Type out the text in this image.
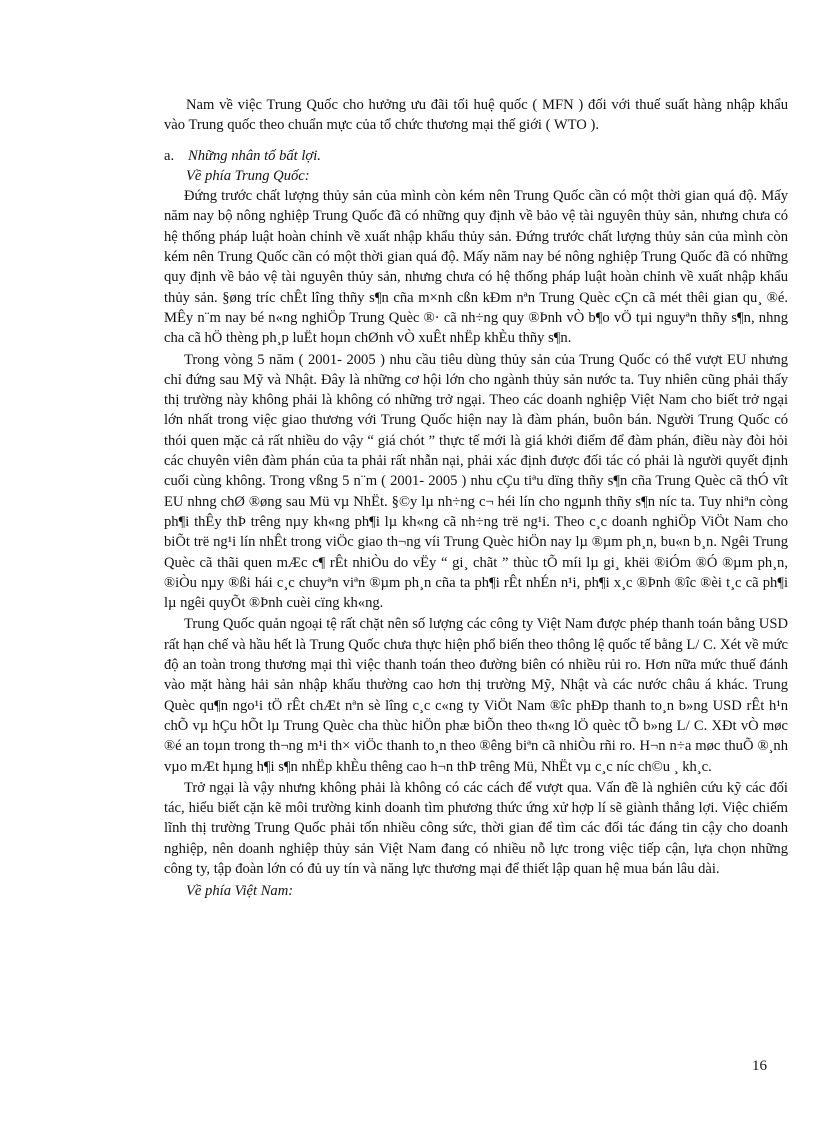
Nam về việc Trung Quốc cho hưởng ưu đãi tối huệ quốc ( MFN ) đối với thuế suất hàng nhập khẩu vào Trung quốc theo chuẩn mực của tổ chức thương mại thế giới ( WTO ).

a. Những nhân tố bất lợi.

Về phía Trung Quốc:

Đứng trước chất lượng thủy sản của mình còn kém nên Trung Quốc cần có một thời gian quá độ. Mấy năm nay bộ nông nghiệp Trung Quốc đã có những quy định về bảo vệ tài nguyên thủy sản, nhưng chưa có hệ thống pháp luật hoàn chỉnh về xuất nhập khẩu thủy sản. Đứng trước chất lượng thủy sản của mình còn kém nên Trung Quốc cần có một thời gian quá độ. Mấy năm nay bé nông nghiệp Trung Quốc đã có những quy định về bảo vệ tài nguyên thủy sản, nhưng chưa có hệ thống pháp luật hoàn chỉnh về xuất nhập khẩu thủy sản. §øng tríc chÊt lîng thñy s¶n cña m×nh cßn kÐm nªn Trung Quèc cÇn cã mét thêi gian qu¸ ®é. MÊy n¨m nay bé n«ng nghiÖp Trung Quèc ®· cã nh÷ng quy ®Þnh vÒ b¶o vÖ tµi nguyªn thñy s¶n, nhng cha cã hÖ thèng ph¸p luËt hoµn chØnh vÒ xuÊt nhËp khÈu thñy s¶n.

Trong vòng 5 năm ( 2001- 2005 ) nhu cầu tiêu dùng thủy sản của Trung Quốc có thể vượt EU nhưng chỉ đứng sau Mỹ và Nhật. Đây là những cơ hội lớn cho ngành thủy sản nước ta. Tuy nhiên cũng phải thấy thị trường này không phải là không có những trở ngại. Theo các doanh nghiệp Việt Nam cho biết trở ngại lớn nhất trong việc giao thương với Trung Quốc hiện nay là đàm phán, buôn bán. Người Trung Quốc có thói quen mặc cả rất nhiều do vậy “ giá chót ” thực tế mới là giá khởi điểm để đàm phán, điều này đòi hỏi các chuyên viên đàm phán của ta phải rất nhẫn nại, phải xác định được đối tác có phải là người quyết định cuối cùng không. Trong vßng 5 n¨m ( 2001- 2005 ) nhu cÇu tiªu dïng thñy s¶n cña Trung Quèc cã thÓ vît EU nhng chØ ®øng sau Mü vµ NhËt. §©y lµ nh÷ng c¬ héi lín cho ngµnh thñy s¶n níc ta. Tuy nhiªn còng ph¶i thÊy thÞ trêng nµy kh«ng ph¶i lµ kh«ng cã nh÷ng trë ng¹i. Theo c¸c doanh nghiÖp ViÖt Nam cho biÕt trë ng¹i lín nhÊt trong viÖc giao th¬ng víi Trung Quèc hiÖn nay lµ ®µm ph¸n, bu«n b¸n. Ngêi Trung Quèc cã thãi quen mÆc c¶ rÊt nhiÒu do vËy “ gi¸ chãt ” thùc tÕ míi lµ gi¸ khëi ®iÓm ®Ó ®µm ph¸n, ®iÒu nµy ®ßi hái c¸c chuyªn viªn ®µm ph¸n cña ta ph¶i rÊt nhÉn n¹i, ph¶i x¸c ®Þnh ®îc ®èi t¸c cã ph¶i lµ ngêi quyÕt ®Þnh cuèi cïng kh«ng.

Trung Quốc quản ngoại tệ rất chặt nên số lượng các công ty Việt Nam được phép thanh toán bằng USD rất hạn chế và hầu hết là Trung Quốc chưa thực hiện phổ biến theo thông lệ quốc tế bằng L/ C. Xét về mức độ an toàn trong thương mại thì việc thanh toán theo đường biên có nhiều rủi ro. Hơn nữa mức thuế đánh vào mặt hàng hải sản nhập khẩu thường cao hơn thị trường Mỹ, Nhật và các nước châu á khác. Trung Quèc qu¶n ngo¹i tÖ rÊt chÆt nªn sè lîng c¸c c«ng ty ViÖt Nam ®îc phÐp thanh to¸n b»ng USD rÊt h¹n chÕ vµ hÇu hÕt lµ Trung Quèc cha thùc hiÖn phæ biÕn theo th«ng lÖ quèc tÕ b»ng L/ C. XÐt vÒ møc ®é an toµn trong th¬ng m¹i th× viÖc thanh to¸n theo ®êng biªn cã nhiÒu rñi ro. H¬n n÷a møc thuÕ ®¸nh vµo mÆt hµng h¶i s¶n nhËp khÈu thêng cao h¬n thÞ trêng Mü, NhËt vµ c¸c níc ch©u ¸ kh¸c.

Trở ngại là vậy nhưng không phải là không có các cách để vượt qua. Vấn đề là nghiên cứu kỹ các đối tác, hiểu biết cặn kẽ môi trường kinh doanh tìm phương thức ứng xử hợp lí sẽ giành thắng lợi. Việc chiếm lĩnh thị trường Trung Quốc phải tốn nhiều công sức, thời gian để tìm các đối tác đáng tin cậy cho doanh nghiệp, nên doanh nghiệp thủy sản Việt Nam đang có nhiều nỗ lực trong việc tiếp cận, lựa chọn những công ty, tập đoàn lớn có đủ uy tín và năng lực thương mại để thiết lập quan hệ mua bán lâu dài.

Về phía Việt Nam:

16
